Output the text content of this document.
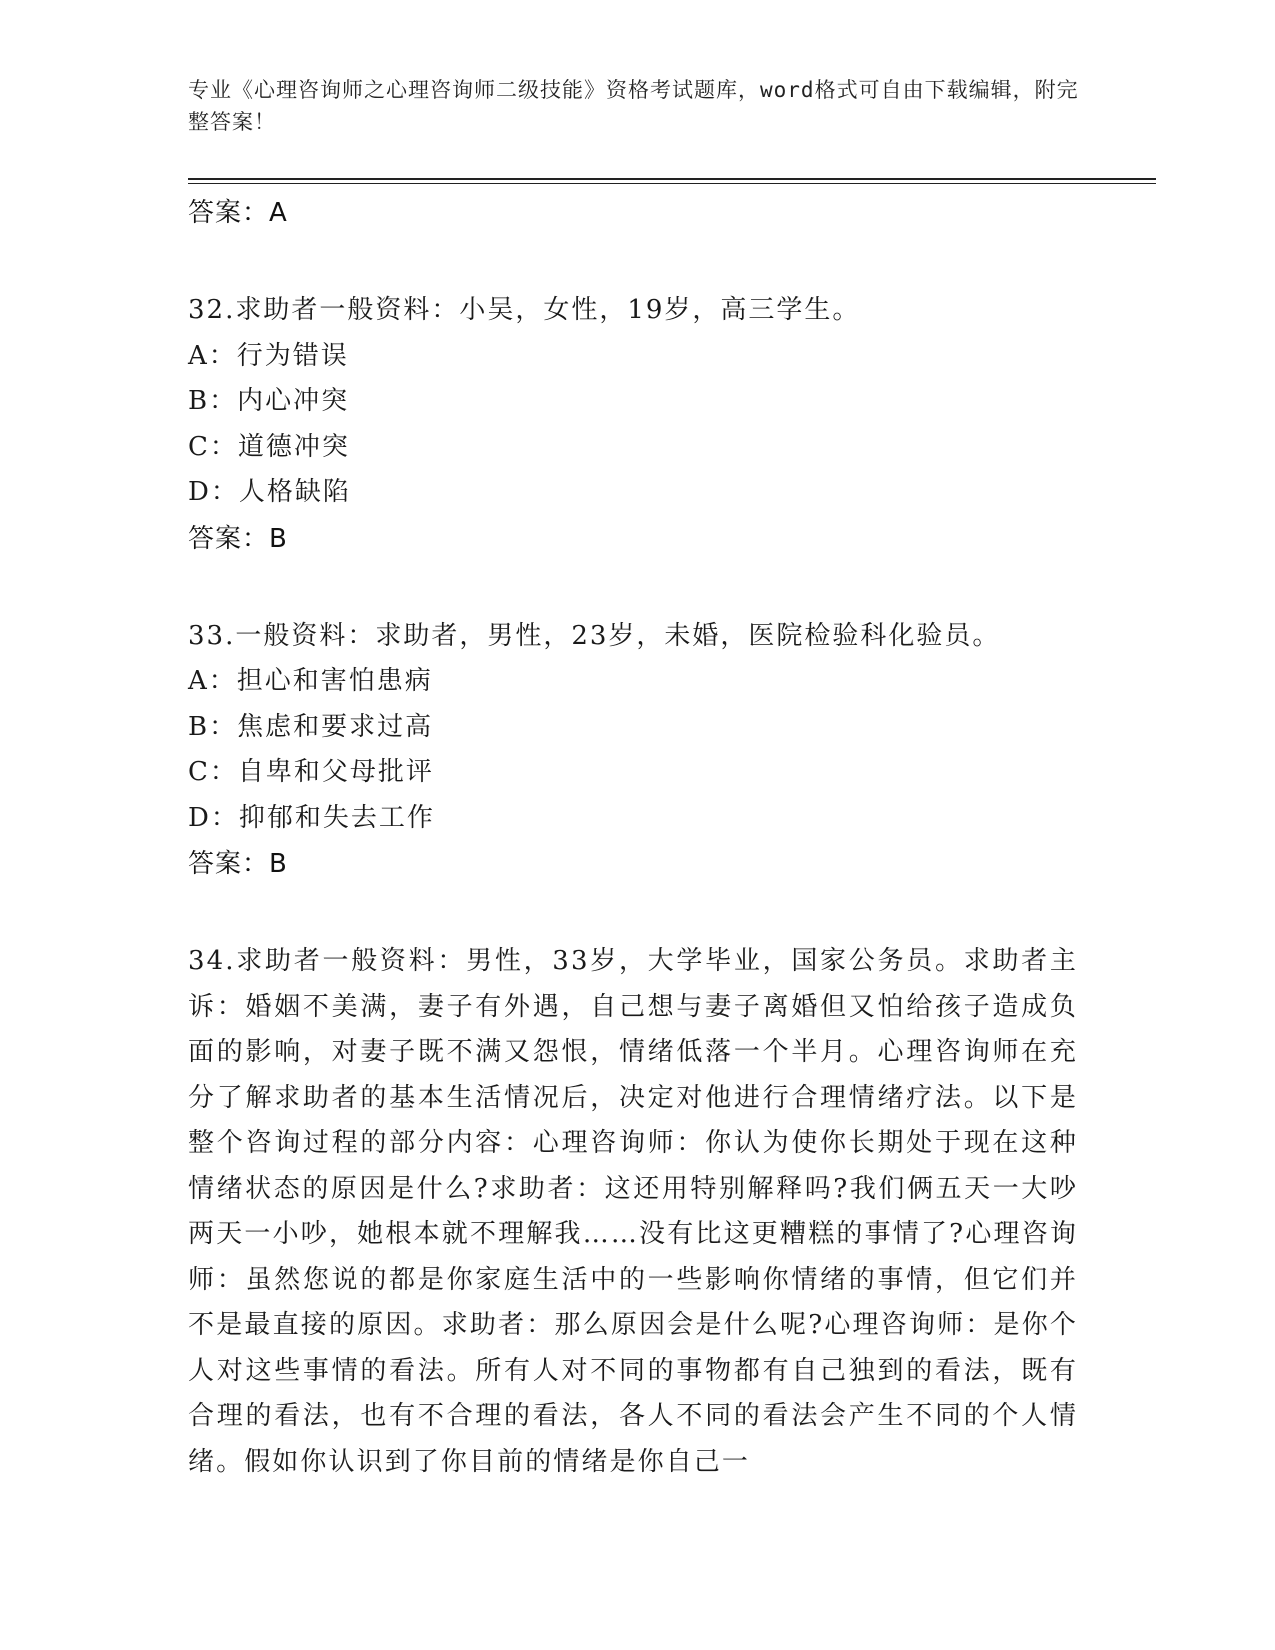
专业《心理咨询师之心理咨询师二级技能》资格考试题库，word格式可自由下载编辑，附完整答案！
答案：A
32.求助者一般资料：小吴，女性，19岁，高三学生。
A：行为错误
B：内心冲突
C：道德冲突
D：人格缺陷
答案：B
33.一般资料：求助者，男性，23岁，未婚，医院检验科化验员。
A：担心和害怕患病
B：焦虑和要求过高
C：自卑和父母批评
D：抑郁和失去工作
答案：B
34.求助者一般资料：男性，33岁，大学毕业，国家公务员。求助者主诉：婚姻不美满，妻子有外遇，自己想与妻子离婚但又怕给孩子造成负面的影响，对妻子既不满又怨恨，情绪低落一个半月。心理咨询师在充分了解求助者的基本生活情况后，决定对他进行合理情绪疗法。以下是整个咨询过程的部分内容：心理咨询师：你认为使你长期处于现在这种情绪状态的原因是什么?求助者：这还用特别解释吗?我们俩五天一大吵两天一小吵，她根本就不理解我……没有比这更糟糕的事情了?心理咨询师：虽然您说的都是你家庭生活中的一些影响你情绪的事情，但它们并不是最直接的原因。求助者：那么原因会是什么呢?心理咨询师：是你个人对这些事情的看法。所有人对不同的事物都有自己独到的看法，既有合理的看法，也有不合理的看法，各人不同的看法会产生不同的个人情绪。假如你认识到了你目前的情绪是你自己一
